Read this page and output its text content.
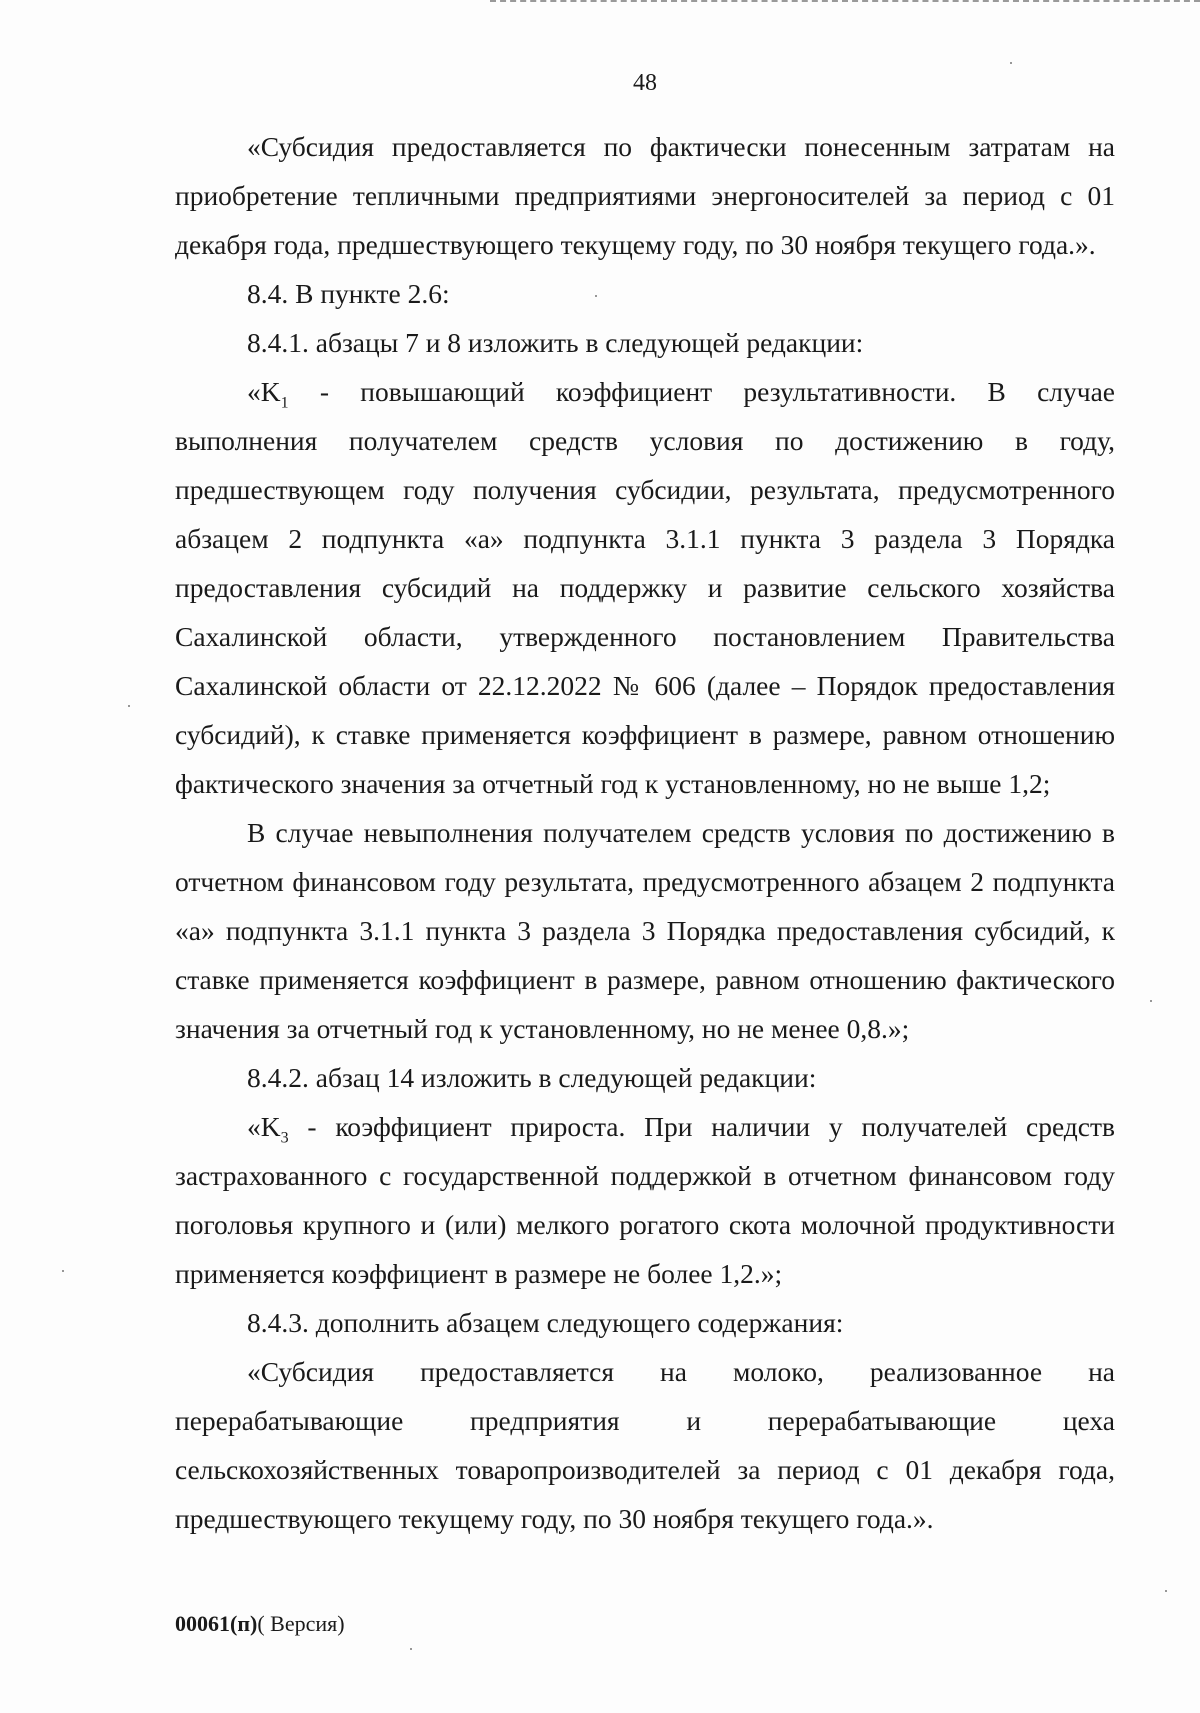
48

«Субсидия предоставляется по фактически понесенным затратам на приобретение тепличными предприятиями энергоносителей за период с 01 декабря года, предшествующего текущему году, по 30 ноября текущего года.».

8.4. В пункте 2.6:

8.4.1. абзацы 7 и 8 изложить в следующей редакции:

«$K_1$ - повышающий коэффициент результативности. В случае выполнения получателем средств условия по достижению в году, предшествующем году получения субсидии, результата, предусмотренного абзацем 2 подпункта «а» подпункта 3.1.1 пункта 3 раздела 3 Порядка предоставления субсидий на поддержку и развитие сельского хозяйства Сахалинской области, утвержденного постановлением Правительства Сахалинской области от 22.12.2022 № 606 (далее – Порядок предоставления субсидий), к ставке применяется коэффициент в размере, равном отношению фактического значения за отчетный год к установленному, но не выше 1,2;

В случае невыполнения получателем средств условия по достижению в отчетном финансовом году результата, предусмотренного абзацем 2 подпункта «а» подпункта 3.1.1 пункта 3 раздела 3 Порядка предоставления субсидий, к ставке применяется коэффициент в размере, равном отношению фактического значения за отчетный год к установленному, но не менее 0,8.»;

8.4.2. абзац 14 изложить в следующей редакции:

«$K_3$ - коэффициент прироста. При наличии у получателей средств застрахованного с государственной поддержкой в отчетном финансовом году поголовья крупного и (или) мелкого рогатого скота молочной продуктивности применяется коэффициент в размере не более 1,2.»;

8.4.3. дополнить абзацем следующего содержания:

«Субсидия предоставляется на молоко, реализованное на перерабатывающие предприятия и перерабатывающие цеха сельскохозяйственных товаропроизводителей за период с 01 декабря года, предшествующего текущему году, по 30 ноября текущего года.».

00061(п)( Версия)
